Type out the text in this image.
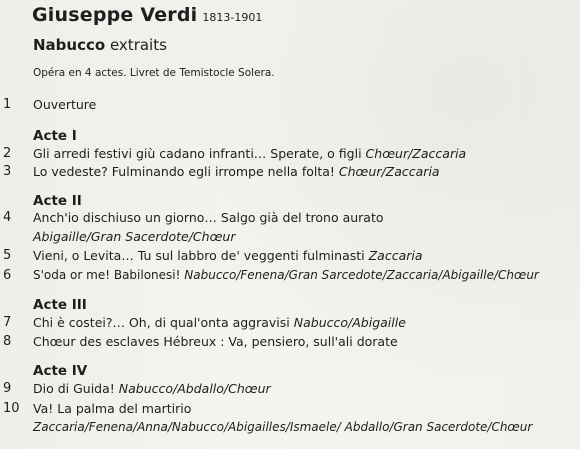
Giuseppe Verdi 1813-1901
Nabucco extraits
Opéra en 4 actes. Livret de Temistocle Solera.
1 Ouverture
Acte I
2 Gli arredi festivi giù cadano infranti… Sperate, o figli Chœur/Zaccaria
3 Lo vedeste? Fulminando egli irrompe nella folta! Chœur/Zaccaria
Acte II
4 Anch'io dischiuso un giorno… Salgo già del trono aurato
Abigaille/Gran Sacerdote/Chœur
5 Vieni, o Levita… Tu sul labbro de' veggenti fulminasti Zaccaria
6 S'oda or me! Babilonesi! Nabucco/Fenena/Gran Sarcedote/Zaccaria/Abigaille/Chœur
Acte III
7 Chi è costei?… Oh, di qual'onta aggravisi Nabucco/Abigaille
8 Chœur des esclaves Hébreux : Va, pensiero, sull'ali dorate
Acte IV
9 Dio di Guida! Nabucco/Abdallo/Chœur
10 Va! La palma del martirio
Zaccaria/Fenena/Anna/Nabucco/Abigailles/Ismaele/ Abdallo/Gran Sacerdote/Chœur
